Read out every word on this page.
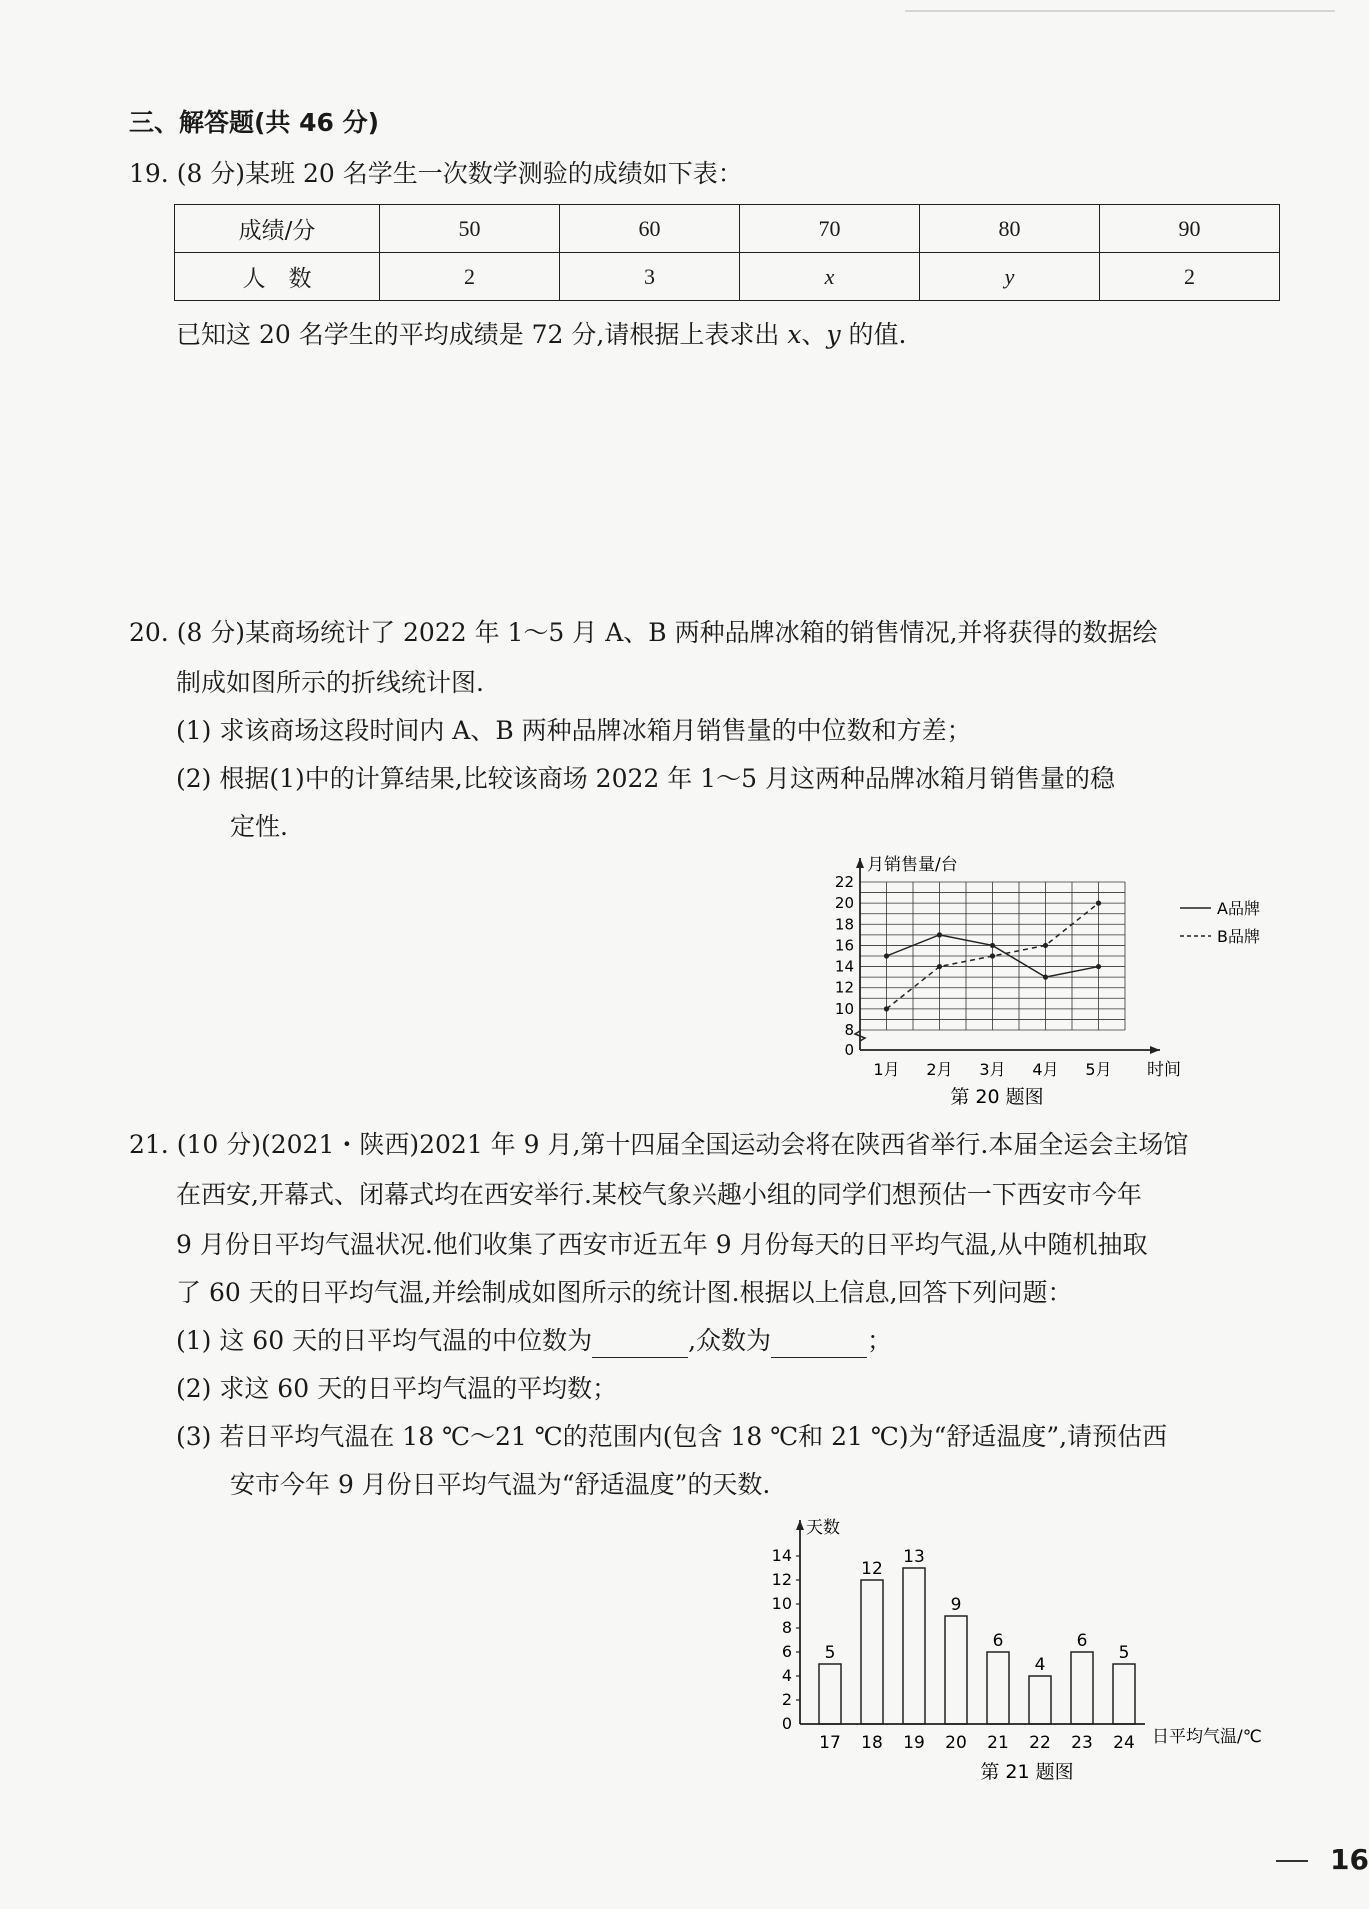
三、解答题(共 46 分)
19. (8 分)某班 20 名学生一次数学测验的成绩如下表：
成绩/分	50	60	70	80	90
人　数	2	3	x	y	2
已知这 20 名学生的平均成绩是 72 分,请根据上表求出 x、y 的值.
20. (8 分)某商场统计了 2022 年 1～5 月 A、B 两种品牌冰箱的销售情况,并将获得的数据绘
制成如图所示的折线统计图.
(1) 求该商场这段时间内 A、B 两种品牌冰箱月销售量的中位数和方差；
(2) 根据(1)中的计算结果,比较该商场 2022 年 1～5 月这两种品牌冰箱月销售量的稳
定性.
月销售量/台
时间
0
8
10
12
14
16
18
20
22
1月 2月 3月 4月 5月
A品牌
B品牌
第 20 题图
21. (10 分)(2021・陕西)2021 年 9 月,第十四届全国运动会将在陕西省举行.本届全运会主场馆
在西安,开幕式、闭幕式均在西安举行.某校气象兴趣小组的同学们想预估一下西安市今年
9 月份日平均气温状况.他们收集了西安市近五年 9 月份每天的日平均气温,从中随机抽取
了 60 天的日平均气温,并绘制成如图所示的统计图.根据以上信息,回答下列问题：
(1) 这 60 天的日平均气温的中位数为	,众数为	；
(2) 求这 60 天的日平均气温的平均数；
(3) 若日平均气温在 18 ℃～21 ℃的范围内(包含 18 ℃和 21 ℃)为“舒适温度”,请预估西
安市今年 9 月份日平均气温为“舒适温度”的天数.
天数
日平均气温/℃
0
2
4
6
8
10
12
14
5
17
12
18
13
19
9
20
6
21
4
22
6
23
5
24
第 21 题图
16
